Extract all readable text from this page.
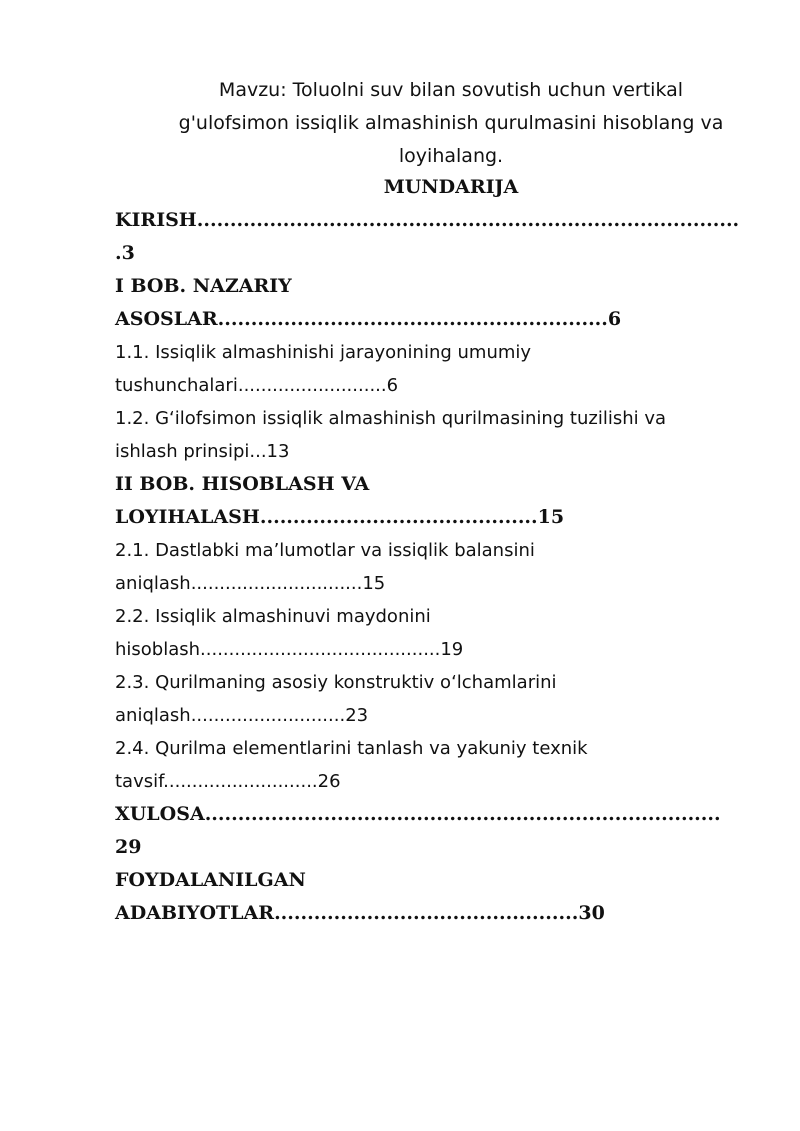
Mavzu: Toluolni suv bilan sovutish uchun vertikal
g'ulofsimon issiqlik almashinish qurulmasini hisoblang va
loyihalang.
MUNDARIJA
KIRISH..................................................................................
.3
I BOB. NAZARIY
ASOSLAR...........................................................6
1.1. Issiqlik almashinishi jarayonining umumiy
tushunchalari..........................6
1.2. G‘ilofsimon issiqlik almashinish qurilmasining tuzilishi va
ishlash prinsipi...13
II BOB. HISOBLASH VA
LOYIHALASH..........................................15
2.1. Dastlabki ma’lumotlar va issiqlik balansini
aniqlash..............................15
2.2. Issiqlik almashinuvi maydonini
hisoblash..........................................19
2.3. Qurilmaning asosiy konstruktiv o‘lchamlarini
aniqlash...........................23
2.4. Qurilma elementlarini tanlash va yakuniy texnik
tavsif...........................26
XULOSA..............................................................................
29
FOYDALANILGAN
ADABIYOTLAR..............................................30
